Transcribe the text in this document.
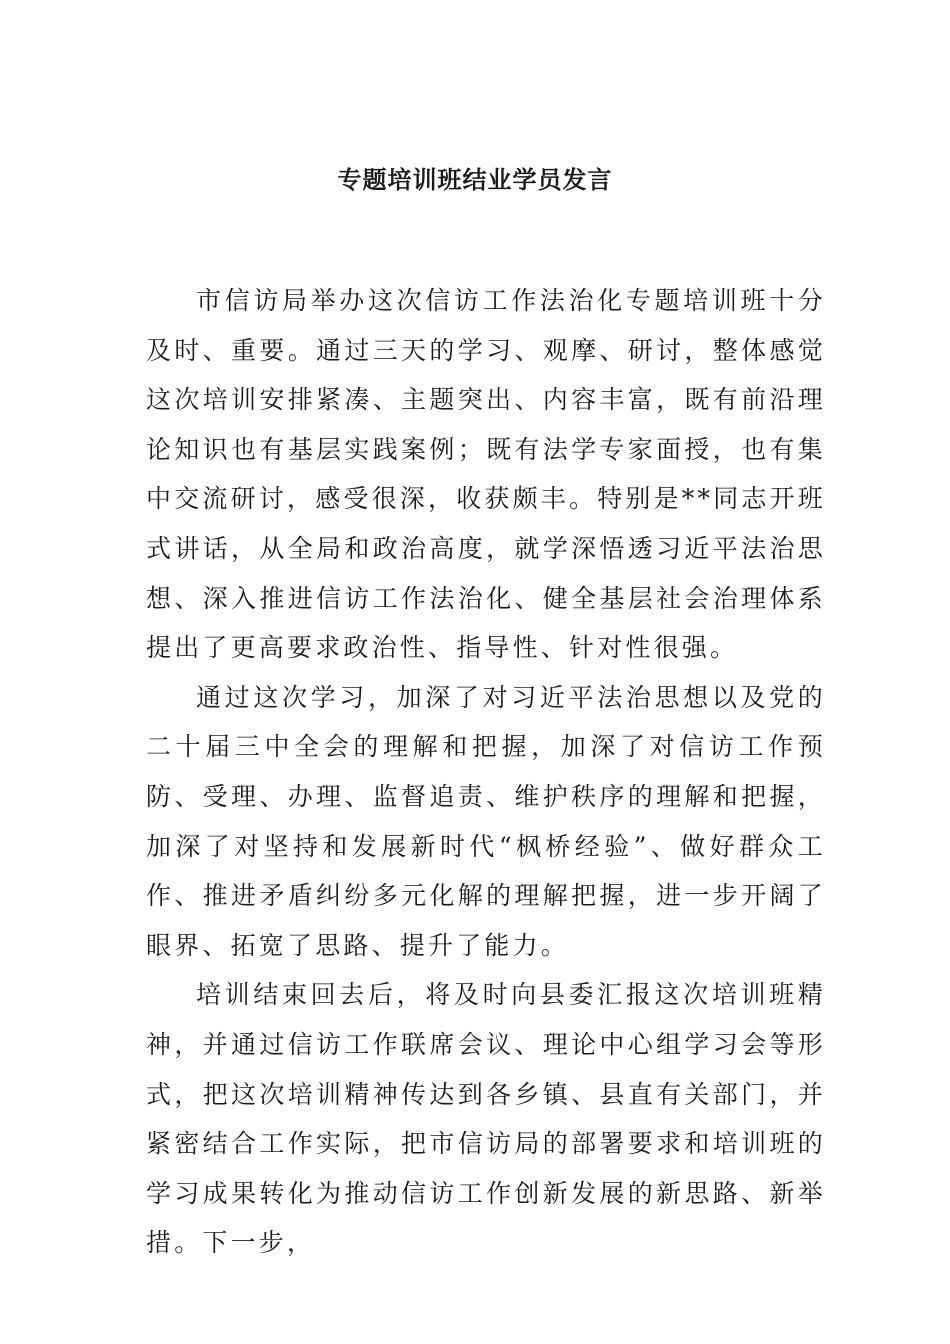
专题培训班结业学员发言

市信访局举办这次信访工作法治化专题培训班十分及时、重要。通过三天的学习、观摩、研讨，整体感觉这次培训安排紧凑、主题突出、内容丰富，既有前沿理论知识也有基层实践案例；既有法学专家面授，也有集中交流研讨，感受很深，收获颇丰。特别是**同志开班式讲话，从全局和政治高度，就学深悟透习近平法治思想、深入推进信访工作法治化、健全基层社会治理体系提出了更高要求政治性、指导性、针对性很强。

通过这次学习，加深了对习近平法治思想以及党的二十届三中全会的理解和把握，加深了对信访工作预防、受理、办理、监督追责、维护秩序的理解和把握，加深了对坚持和发展新时代“枫桥经验”、做好群众工作、推进矛盾纠纷多元化解的理解把握，进一步开阔了眼界、拓宽了思路、提升了能力。

培训结束回去后，将及时向县委汇报这次培训班精神，并通过信访工作联席会议、理论中心组学习会等形式，把这次培训精神传达到各乡镇、县直有关部门，并紧密结合工作实际，把市信访局的部署要求和培训班的学习成果转化为推动信访工作创新发展的新思路、新举措。下一步，
